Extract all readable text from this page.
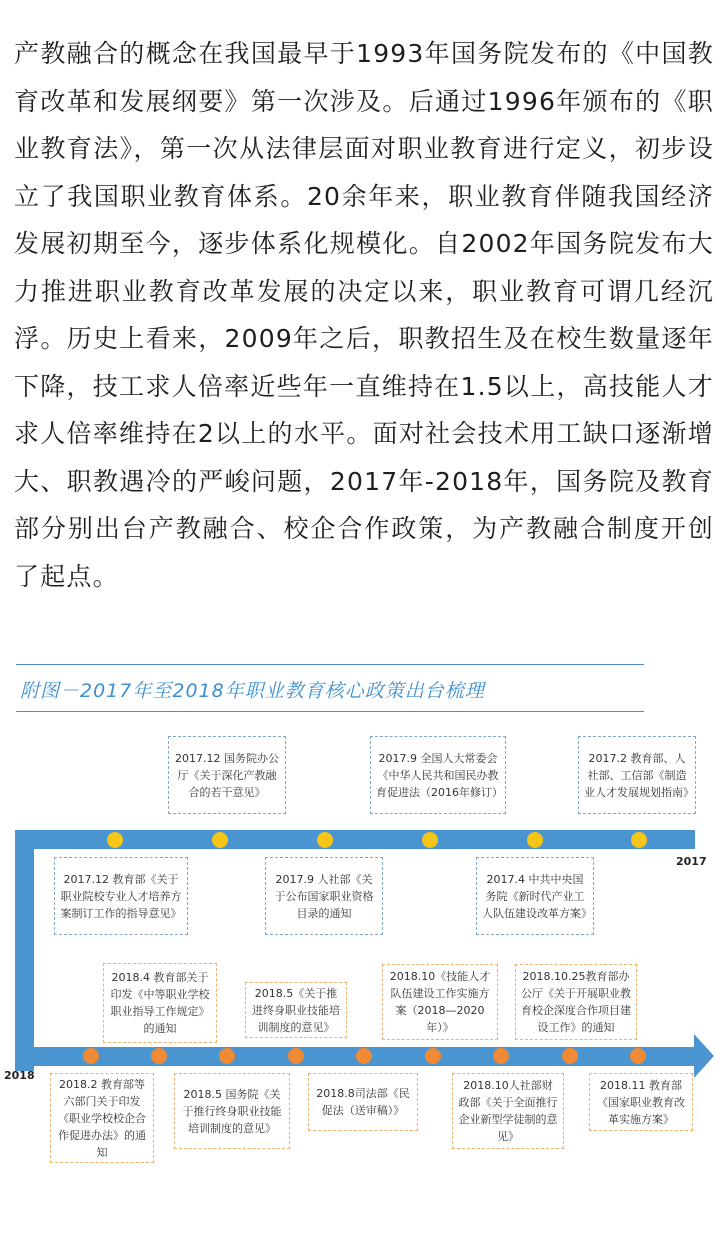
产教融合的概念在我国最早于1993年国务院发布的《中国教育改革和发展纲要》第一次涉及。后通过1996年颁布的《职业教育法》，第一次从法律层面对职业教育进行定义，初步设立了我国职业教育体系。20余年来，职业教育伴随我国经济发展初期至今，逐步体系化规模化。自2002年国务院发布大力推进职业教育改革发展的决定以来，职业教育可谓几经沉浮。历史上看来，2009年之后，职教招生及在校生数量逐年下降，技工求人倍率近些年一直维持在1.5以上，高技能人才求人倍率维持在2以上的水平。面对社会技术用工缺口逐渐增大、职教遇冷的严峻问题，2017年-2018年，国务院及教育部分别出台产教融合、校企合作政策，为产教融合制度开创了起点。
附图－2017年至2018年职业教育核心政策出台梳理
2017
2018
2017.12 国务院办公厅《关于深化产教融合的若干意见》
2017.9 全国人大常委会《中华人民共和国民办教育促进法（2016年修订）
2017.2 教育部、人社部、工信部《制造业人才发展规划指南》
2017.12 教育部《关于职业院校专业人才培养方案制订工作的指导意见》
2017.9 人社部《关于公布国家职业资格目录的通知
2017.4 中共中央国务院《新时代产业工人队伍建设改革方案》
2018.4 教育部关于印发《中等职业学校职业指导工作规定》的通知
2018.5《关于推进终身职业技能培训制度的意见》
2018.10《技能人才队伍建设工作实施方案（2018—2020年）》
2018.10.25教育部办公厅《关于开展职业教育校企深度合作项目建设工作》的通知
2018.2 教育部等六部门关于印发《职业学校校企合作促进办法》的通知
2018.5 国务院《关于推行终身职业技能培训制度的意见》
2018.8司法部《民促法（送审稿）》
2018.10人社部财政部《关于全面推行企业新型学徒制的意见》
2018.11 教育部《国家职业教育改革实施方案》
